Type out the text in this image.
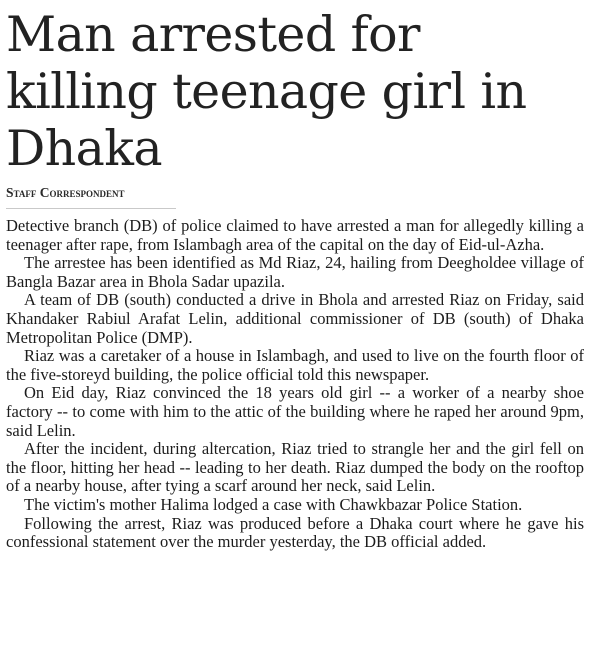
Man arrested for killing teenage girl in Dhaka
Staff Correspondent

Detective branch (DB) of police claimed to have arrested a man for allegedly killing a teenager after rape, from Islambagh area of the capital on the day of Eid-ul-Azha.

The arrestee has been identified as Md Riaz, 24, hailing from Deegholdee village of Bangla Bazar area in Bhola Sadar upazila.

A team of DB (south) conducted a drive in Bhola and arrested Riaz on Friday, said Khandaker Rabiul Arafat Lelin, additional commissioner of DB (south) of Dhaka Metropolitan Police (DMP).

Riaz was a caretaker of a house in Islambagh, and used to live on the fourth floor of the five-storeyd building, the police official told this newspaper.

On Eid day, Riaz convinced the 18 years old girl -- a worker of a nearby shoe factory -- to come with him to the attic of the building where he raped her around 9pm, said Lelin.

After the incident, during altercation, Riaz tried to strangle her and the girl fell on the floor, hitting her head -- leading to her death. Riaz dumped the body on the rooftop of a nearby house, after tying a scarf around her neck, said Lelin.

The victim's mother Halima lodged a case with Chawkbazar Police Station.

Following the arrest, Riaz was produced before a Dhaka court where he gave his confessional statement over the murder yesterday, the DB official added.
